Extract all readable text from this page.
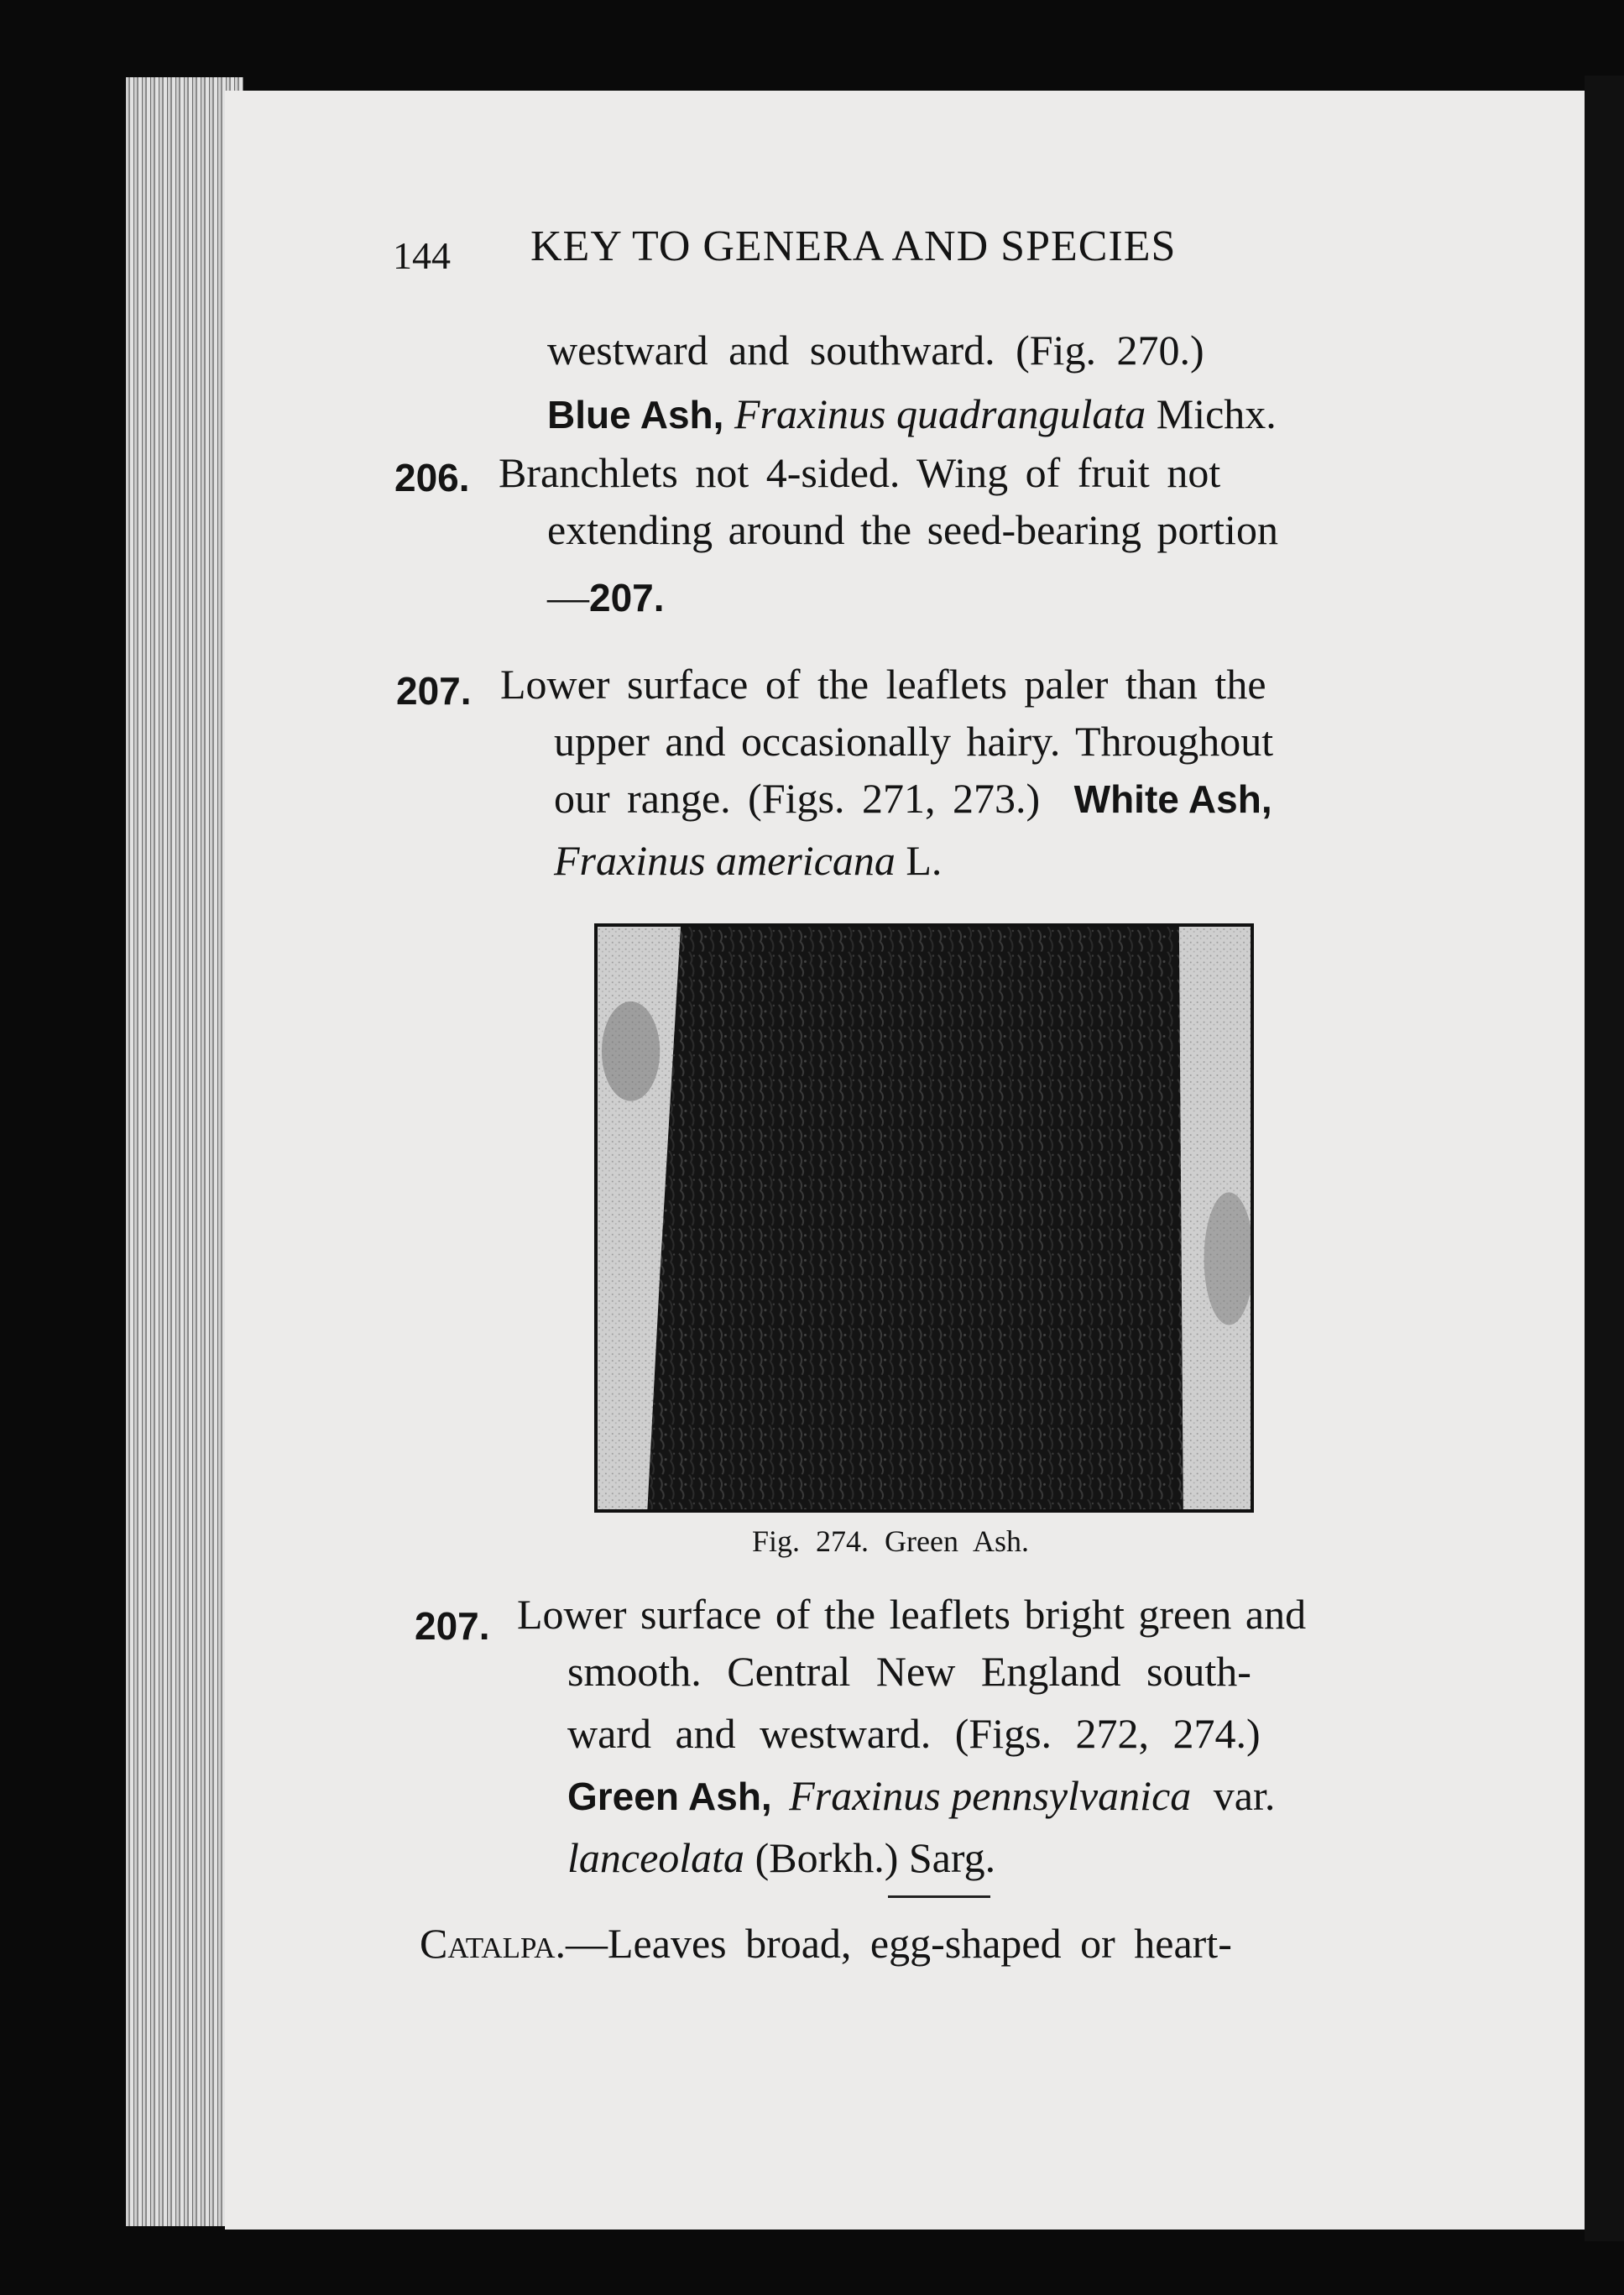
144 KEY TO GENERA AND SPECIES
westward and southward. (Fig. 270.)
Blue Ash, Fraxinus quadrangulata Michx.
206. Branchlets not 4-sided. Wing of fruit not
extending around the seed-bearing portion
—207.
207. Lower surface of the leaflets paler than the
upper and occasionally hairy. Throughout
our range. (Figs. 271, 273.) White Ash,
Fraxinus americana L.
Fig. 274. Green Ash.
207. Lower surface of the leaflets bright green and
smooth. Central New England south-
ward and westward. (Figs. 272, 274.)
Green Ash, Fraxinus pennsylvanica var.
lanceolata (Borkh.) Sarg.
Catalpa.—Leaves broad, egg-shaped or heart-
